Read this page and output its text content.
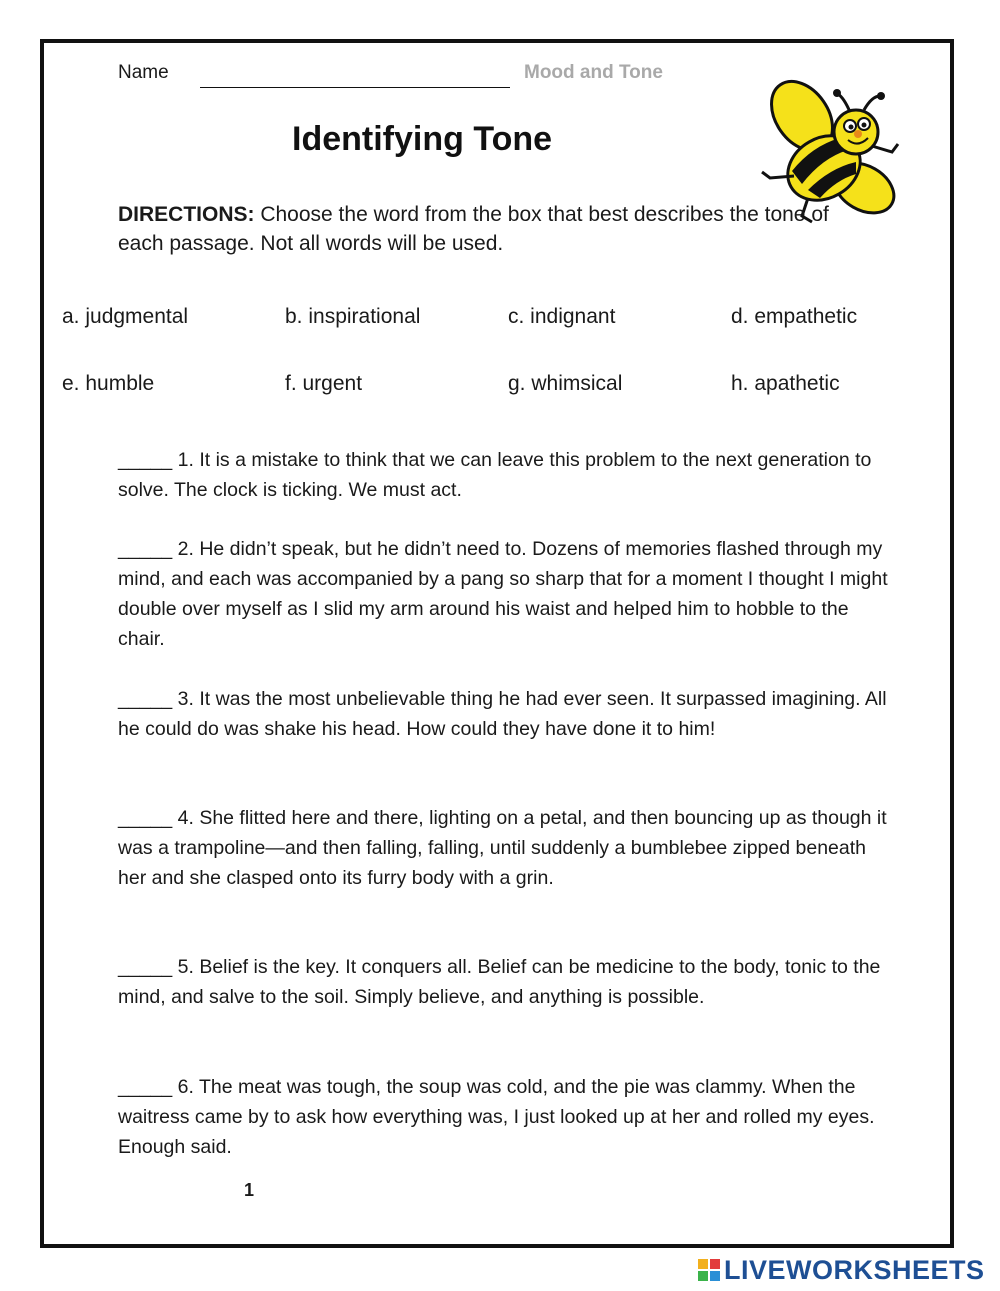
Name	Mood and Tone
Identifying Tone
DIRECTIONS: Choose the word from the box that best describes the tone of each passage. Not all words will be used.
a. judgmental	b. inspirational	c. indignant	d. empathetic
e. humble	f. urgent	g. whimsical	h. apathetic
_____ 1. It is a mistake to think that we can leave this problem to the next generation to solve. The clock is ticking. We must act.
_____ 2. He didn’t speak, but he didn’t need to. Dozens of memories flashed through my mind, and each was accompanied by a pang so sharp that for a moment I thought I might double over myself as I slid my arm around his waist and helped him to hobble to the chair.
_____ 3. It was the most unbelievable thing he had ever seen. It surpassed imagining. All he could do was shake his head. How could they have done it to him!
_____ 4. She flitted here and there, lighting on a petal, and then bouncing up as though it was a trampoline—and then falling, falling, until suddenly a bumblebee zipped beneath her and she clasped onto its furry body with a grin.
_____ 5. Belief is the key. It conquers all. Belief can be medicine to the body, tonic to the mind, and salve to the soil. Simply believe, and anything is possible.
_____ 6. The meat was tough, the soup was cold, and the pie was clammy. When the waitress came by to ask how everything was, I just looked up at her and rolled my eyes. Enough said.
1
LIVEWORKSHEETS
